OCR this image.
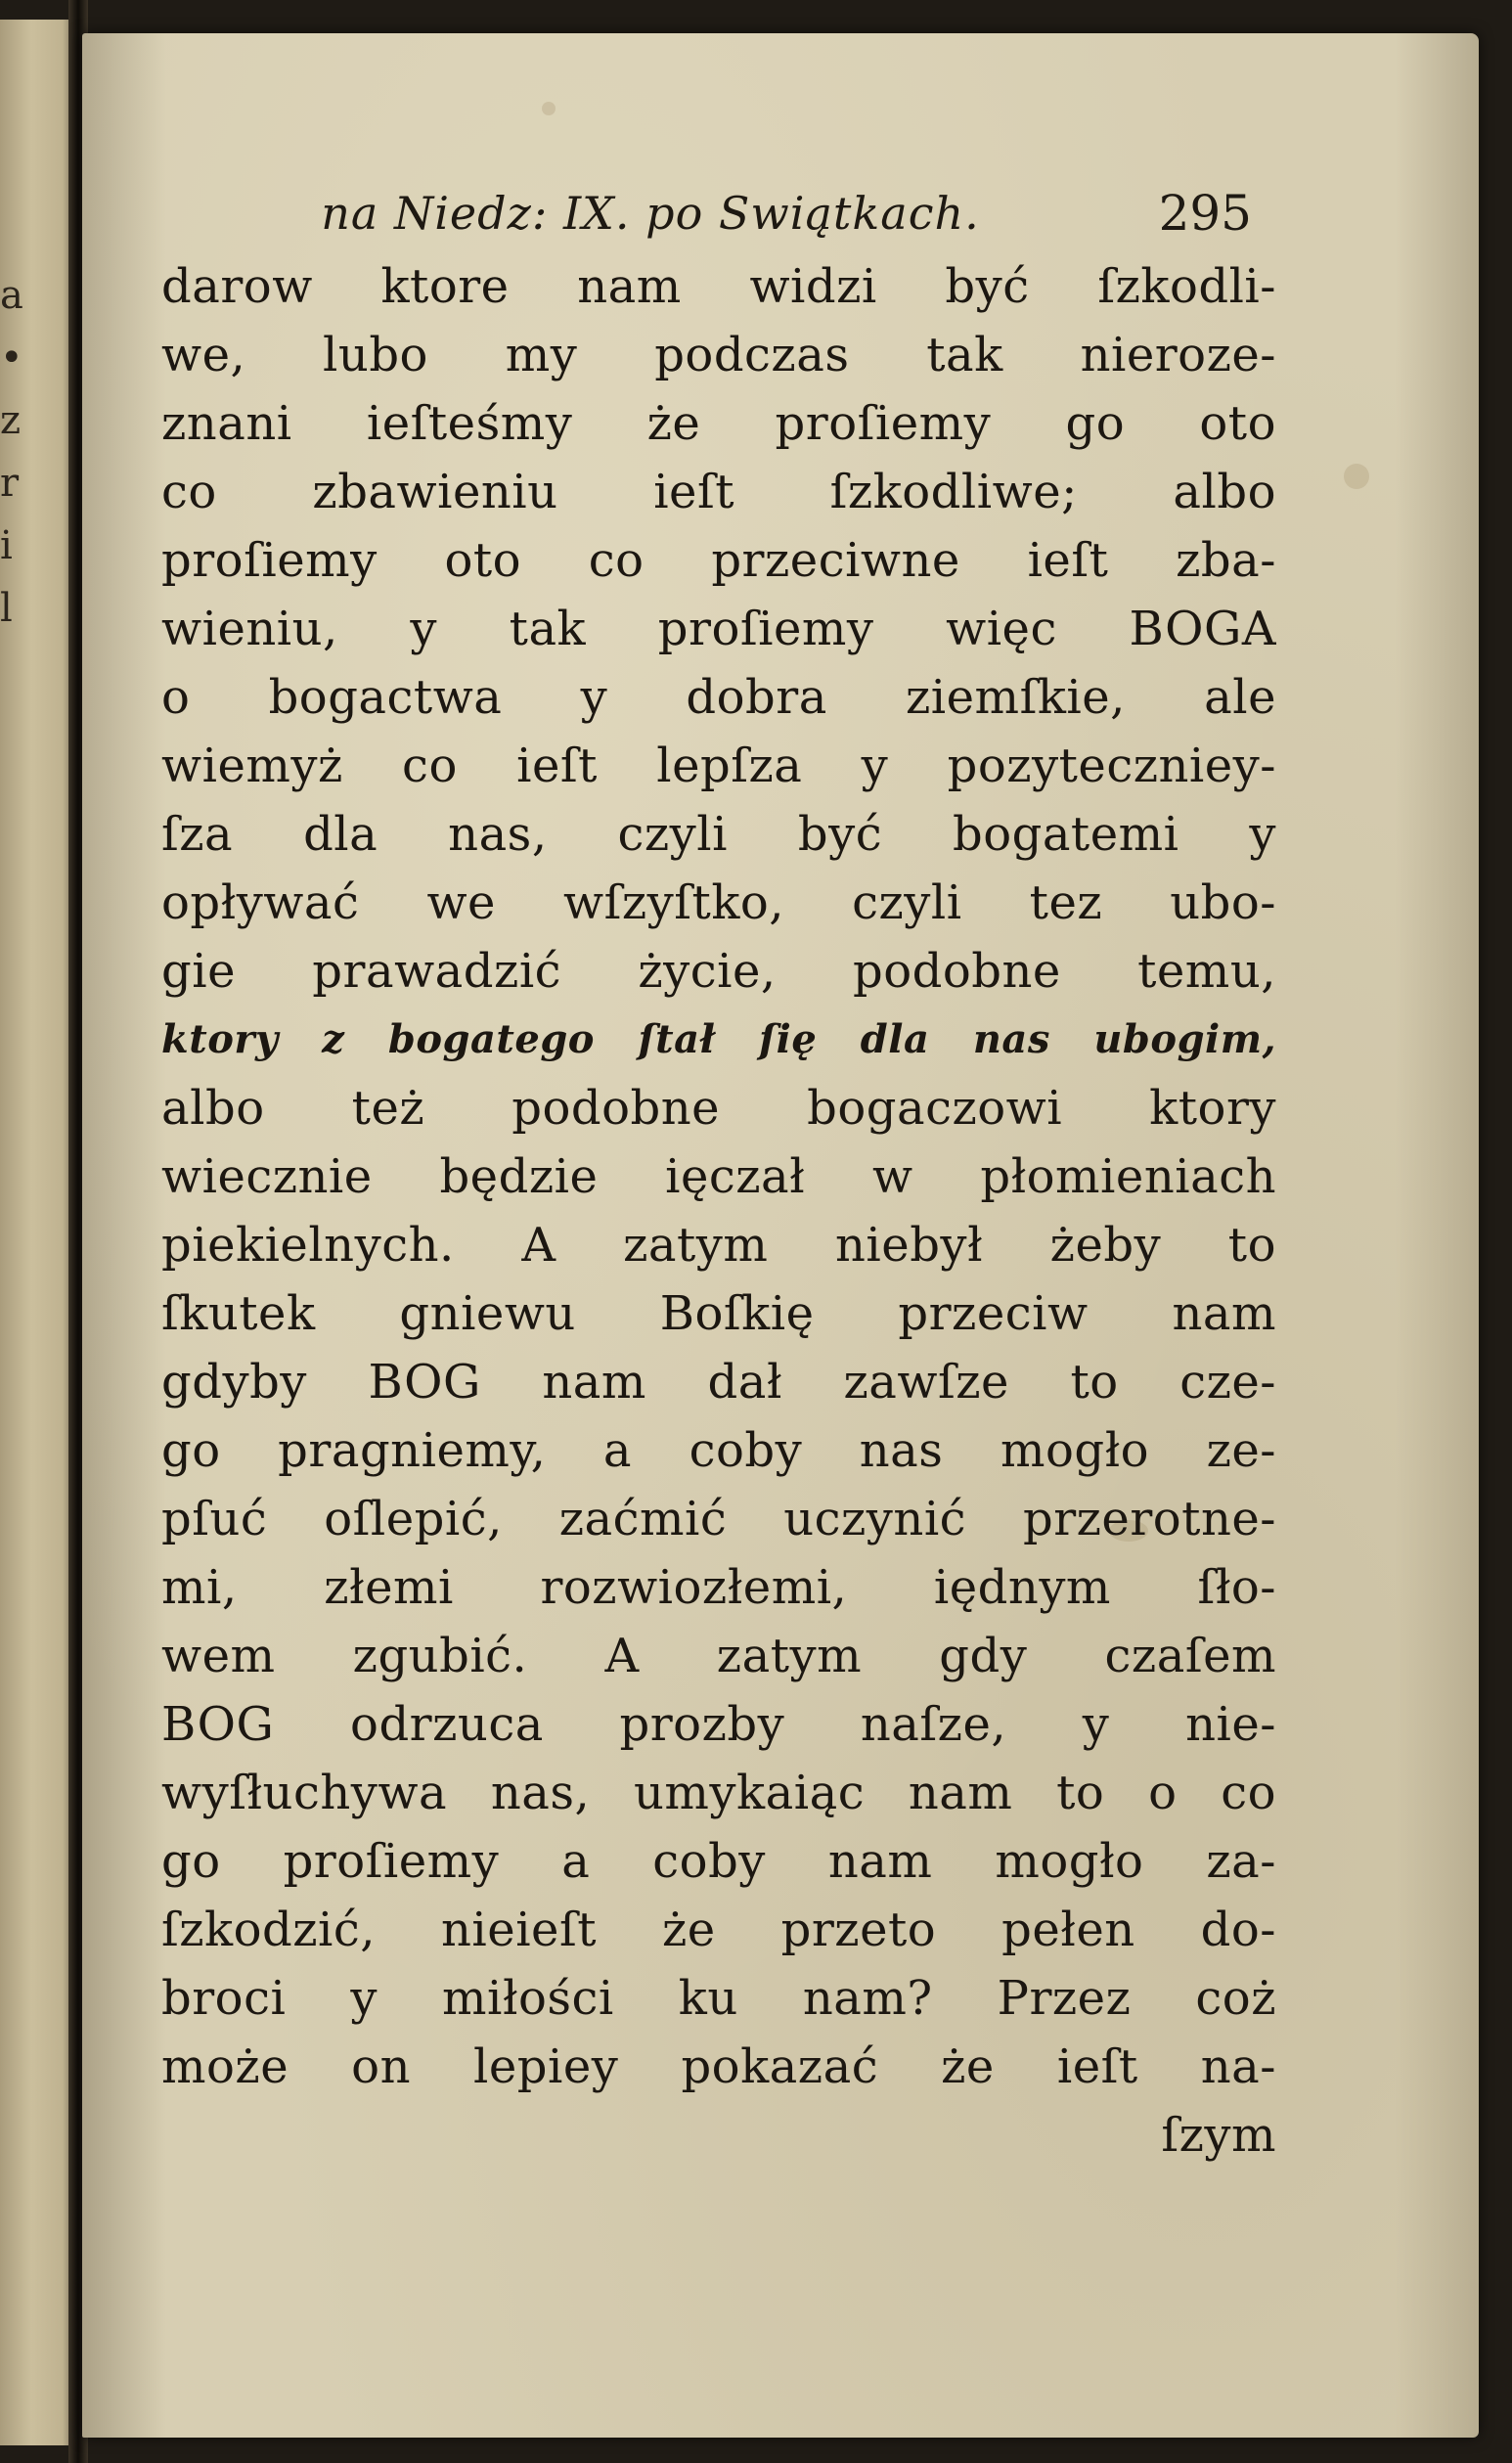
a
•
z
r
i
l
na Niedz: IX. po Swiątkach.	295
darow ktore nam widzi być ſzkodli-
we, lubo my podczas tak nieroze-
znani ieſteśmy że proſiemy go oto
co zbawieniu ieſt ſzkodliwe; albo
proſiemy oto co przeciwne ieſt zba-
wieniu, y tak proſiemy więc BOGA
o bogactwa y dobra ziemſkie, ale
wiemyż co ieſt lepſza y pozyteczniey-
ſza dla nas, czyli być bogatemi y
opływać we wſzyſtko, czyli tez ubo-
gie prawadzić życie, podobne temu,
ktory z bogatego ſtał ſię dla nas ubogim,
albo też podobne bogaczowi ktory
wiecznie będzie ięczał w płomieniach
piekielnych. A zatym niebył żeby to
ſkutek gniewu Boſkię przeciw nam
gdyby BOG nam dał zawſze to cze-
go pragniemy, a coby nas mogło ze-
pſuć oſlepić, zaćmić uczynić przerotne-
mi, złemi rozwiozłemi, iędnym ſło-
wem zgubić. A zatym gdy czaſem
BOG odrzuca prozby naſze, y nie-
wyſłuchywa nas, umykaiąc nam to o co
go proſiemy a coby nam mogło za-
ſzkodzić, nieieſt że przeto pełen do-
broci y miłości ku nam? Przez coż
może on lepiey pokazać że ieſt na-
ſzym
